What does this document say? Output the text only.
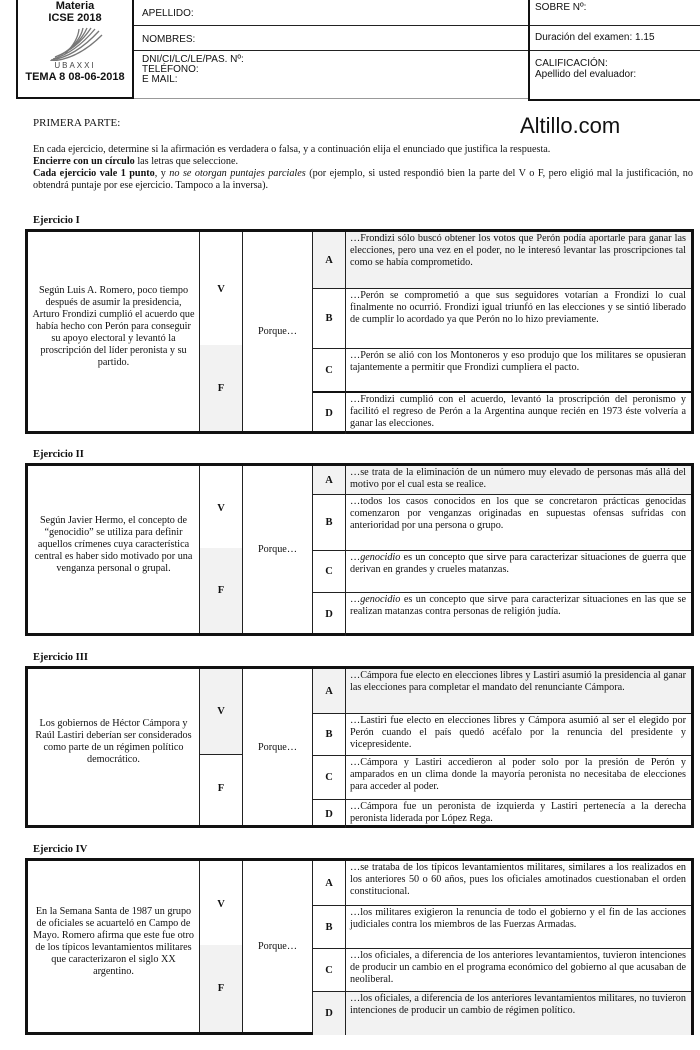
Materia
ICSE 2018
UBAXXI
TEMA 8 08-06-2018
APELLIDO:
NOMBRES:
DNI/CI/LC/LE/PAS. Nº:
TELÉFONO:
E MAIL:
SOBRE Nº:
Duración del examen: 1.15
CALIFICACIÓN:
Apellido del evaluador:
PRIMERA PARTE:	Altillo.com

En cada ejercicio, determine si la afirmación es verdadera o falsa, y a continuación elija el enunciado que justifica la respuesta.

Encierre con un círculo las letras que seleccione.

Cada ejercicio vale 1 punto, y no se otorgan puntajes parciales (por ejemplo, si usted respondió bien la parte del V o F, pero eligió mal la justificación, no obtendrá puntaje por ese ejercicio. Tampoco a la inversa).

Ejercicio I
Según Luis A. Romero, poco tiempo después de asumir la presidencia, Arturo Frondizi cumplió el acuerdo que había hecho con Perón para conseguir su apoyo electoral y levantó la proscripción del líder peronista y su partido.
V
F
Porque…
A
…Frondizi sólo buscó obtener los votos que Perón podía aportarle para ganar las elecciones, pero una vez en el poder, no le interesó levantar las proscripciones tal como se había comprometido.
B
…Perón se comprometió a que sus seguidores votarían a Frondizi lo cual finalmente no ocurrió. Frondizi igual triunfó en las elecciones y se sintió liberado de cumplir lo acordado ya que Perón no lo hizo previamente.
C
…Perón se alió con los Montoneros y eso produjo que los militares se opusieran tajantemente a permitir que Frondizi cumpliera el pacto.
D
…Frondizi cumplió con el acuerdo, levantó la proscripción del peronismo y facilitó el regreso de Perón a la Argentina aunque recién en 1973 éste volvería a ganar las elecciones.
Ejercicio II
Según Javier Hermo, el concepto de “genocidio” se utiliza para definir aquellos crímenes cuya característica central es haber sido motivado por una venganza personal o grupal.
V
F
Porque…
A
…se trata de la eliminación de un número muy elevado de personas más allá del motivo por el cual esta se realice.
B
…todos los casos conocidos en los que se concretaron prácticas genocidas comenzaron por venganzas originadas en supuestas ofensas sufridas con anterioridad por una persona o grupo.
C
…genocidio es un concepto que sirve para caracterizar situaciones de guerra que derivan en grandes y crueles matanzas.
D
…genocidio es un concepto que sirve para caracterizar situaciones en las que se realizan matanzas contra personas de religión judía.
Ejercicio III
Los gobiernos de Héctor Cámpora y Raúl Lastiri deberían ser considerados como parte de un régimen político democrático.
V
F
Porque…
A
…Cámpora fue electo en elecciones libres y Lastiri asumió la presidencia al ganar las elecciones para completar el mandato del renunciante Cámpora.
B
…Lastiri fue electo en elecciones libres y Cámpora asumió al ser el elegido por Perón cuando el país quedó acéfalo por la renuncia del presidente y vicepresidente.
C
…Cámpora y Lastiri accedieron al poder solo por la presión de Perón y amparados en un clima donde la mayoría peronista no necesitaba de elecciones para acceder al poder.
D
…Cámpora fue un peronista de izquierda y Lastiri pertenecía a la derecha peronista liderada por López Rega.
Ejercicio IV
En la Semana Santa de 1987 un grupo de oficiales se acuarteló en Campo de Mayo. Romero afirma que este fue otro de los típicos levantamientos militares que caracterizaron el siglo XX argentino.
V
F
Porque…
A
…se trataba de los típicos levantamientos militares, similares a los realizados en los anteriores 50 o 60 años, pues los oficiales amotinados cuestionaban el orden constitucional.
B
…los militares exigieron la renuncia de todo el gobierno y el fin de las acciones judiciales contra los miembros de las Fuerzas Armadas.
C
…los oficiales, a diferencia de los anteriores levantamientos, tuvieron intenciones de producir un cambio en el programa económico del gobierno al que acusaban de neoliberal.
D
…los oficiales, a diferencia de los anteriores levantamientos militares, no tuvieron intenciones de producir un cambio de régimen político.
